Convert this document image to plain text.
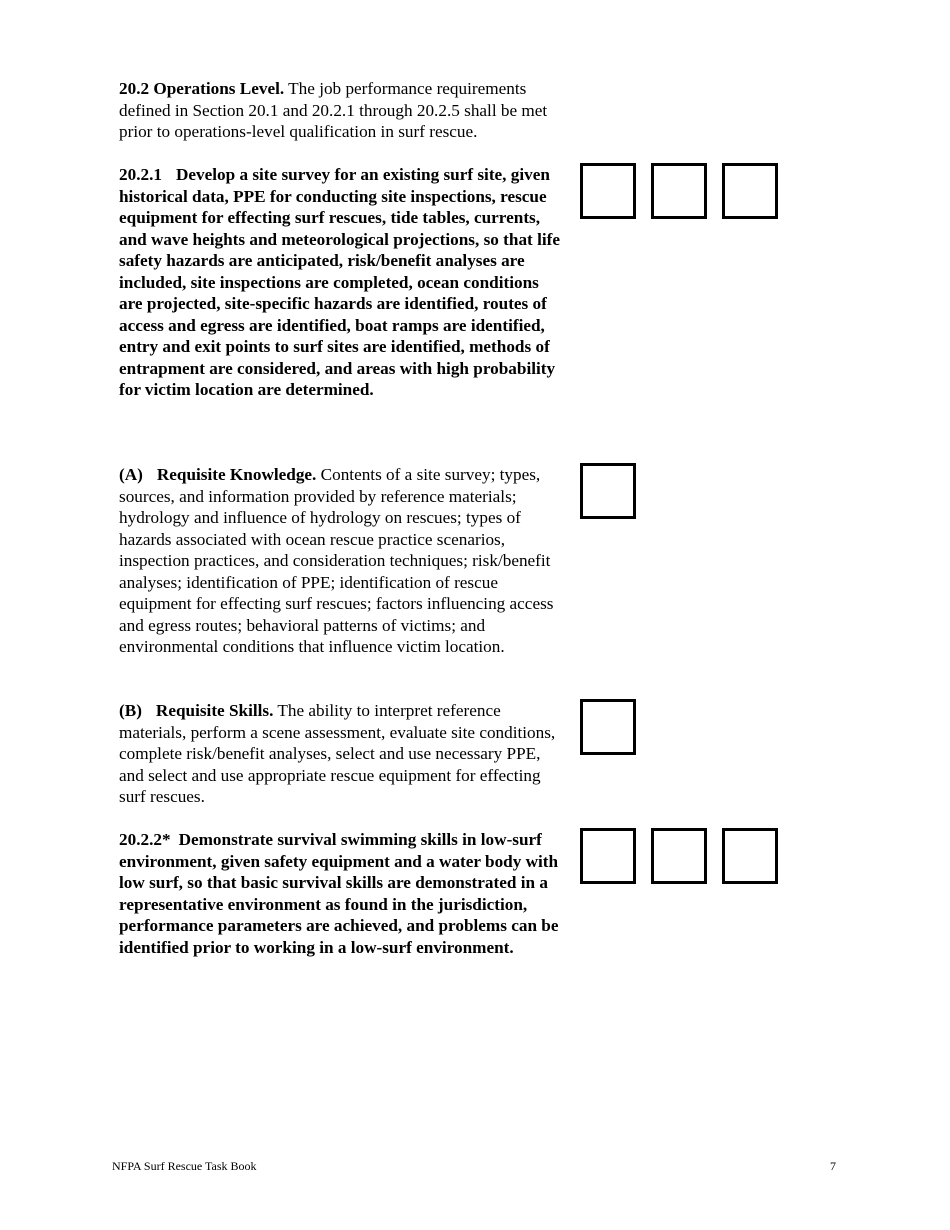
20.2 Operations Level. The job performance requirements defined in Section 20.1 and 20.2.1 through 20.2.5 shall be met prior to operations-level qualification in surf rescue.

20.2.1 Develop a site survey for an existing surf site, given historical data, PPE for conducting site inspections, rescue equipment for effecting surf rescues, tide tables, currents, and wave heights and meteorological projections, so that life safety hazards are anticipated, risk/benefit analyses are included, site inspections are completed, ocean conditions are projected, site-specific hazards are identified, routes of access and egress are identified, boat ramps are identified, entry and exit points to surf sites are identified, methods of entrapment are considered, and areas with high probability for victim location are determined.

(A) Requisite Knowledge. Contents of a site survey; types, sources, and information provided by reference materials; hydrology and influence of hydrology on rescues; types of hazards associated with ocean rescue practice scenarios, inspection practices, and consideration techniques; risk/benefit analyses; identification of PPE; identification of rescue equipment for effecting surf rescues; factors influencing access and egress routes; behavioral patterns of victims; and environmental conditions that influence victim location.

(B) Requisite Skills. The ability to interpret reference materials, perform a scene assessment, evaluate site conditions, complete risk/benefit analyses, select and use necessary PPE, and select and use appropriate rescue equipment for effecting surf rescues.

20.2.2* Demonstrate survival swimming skills in low-surf environment, given safety equipment and a water body with low surf, so that basic survival skills are demonstrated in a representative environment as found in the jurisdiction, performance parameters are achieved, and problems can be identified prior to working in a low-surf environment.

NFPA Surf Rescue Task Book	7
